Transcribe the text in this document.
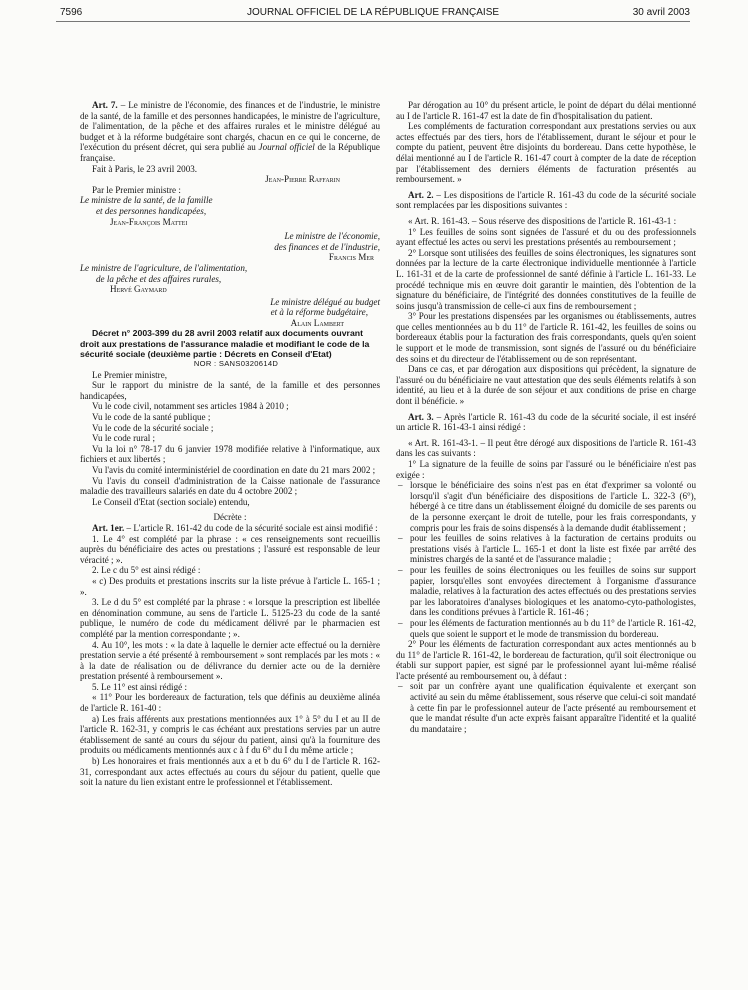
7596	JOURNAL OFFICIEL DE LA RÉPUBLIQUE FRANÇAISE	30 avril 2003

Art. 7. – Le ministre de l'économie, des finances et de l'industrie, le ministre de la santé, de la famille et des personnes handicapées, le ministre de l'agriculture, de l'alimentation, de la pêche et des affaires rurales et le ministre délégué au budget et à la réforme budgétaire sont chargés, chacun en ce qui le concerne, de l'exécution du présent décret, qui sera publié au Journal officiel de la République française.

Fait à Paris, le 23 avril 2003.

Jean-Pierre Raffarin

Par le Premier ministre :

Le ministre de la santé, de la famille

et des personnes handicapées,

Jean-François Mattei

Le ministre de l'économie,

des finances et de l'industrie,

Francis Mer

Le ministre de l'agriculture, de l'alimentation,

de la pêche et des affaires rurales,

Hervé Gaymard

Le ministre délégué au budget

et à la réforme budgétaire,

Alain Lambert

Décret n° 2003-399 du 28 avril 2003 relatif aux documents ouvrant droit aux prestations de l'assurance maladie et modifiant le code de la sécurité sociale (deuxième partie : Décrets en Conseil d'Etat)

NOR : SANS0320614D

Le Premier ministre,

Sur le rapport du ministre de la santé, de la famille et des personnes handicapées,

Vu le code civil, notamment ses articles 1984 à 2010 ;

Vu le code de la santé publique ;

Vu le code de la sécurité sociale ;

Vu le code rural ;

Vu la loi n° 78-17 du 6 janvier 1978 modifiée relative à l'informatique, aux fichiers et aux libertés ;

Vu l'avis du comité interministériel de coordination en date du 21 mars 2002 ;

Vu l'avis du conseil d'administration de la Caisse nationale de l'assurance maladie des travailleurs salariés en date du 4 octobre 2002 ;

Le Conseil d'Etat (section sociale) entendu,

Décrète :

Art. 1er. – L'article R. 161-42 du code de la sécurité sociale est ainsi modifié :

1. Le 4° est complété par la phrase : « ces renseignements sont recueillis auprès du bénéficiaire des actes ou prestations ; l'assuré est responsable de leur véracité ; ».

2. Le c du 5° est ainsi rédigé :

« c) Des produits et prestations inscrits sur la liste prévue à l'article L. 165-1 ; ».

3. Le d du 5° est complété par la phrase : « lorsque la prescription est libellée en dénomination commune, au sens de l'article L. 5125-23 du code de la santé publique, le numéro de code du médicament délivré par le pharmacien est complété par la mention correspondante ; ».

4. Au 10°, les mots : « la date à laquelle le dernier acte effectué ou la dernière prestation servie a été présenté à remboursement » sont remplacés par les mots : « à la date de réalisation ou de délivrance du dernier acte ou de la dernière prestation présenté à remboursement ».

5. Le 11° est ainsi rédigé :

« 11° Pour les bordereaux de facturation, tels que définis au deuxième alinéa de l'article R. 161-40 :

a) Les frais afférents aux prestations mentionnées aux 1° à 5° du I et au II de l'article R. 162-31, y compris le cas échéant aux prestations servies par un autre établissement de santé au cours du séjour du patient, ainsi qu'à la fourniture des produits ou médicaments mentionnés aux c à f du 6° du I du même article ;

b) Les honoraires et frais mentionnés aux a et b du 6° du I de l'article R. 162-31, correspondant aux actes effectués au cours du séjour du patient, quelle que soit la nature du lien existant entre le professionnel et l'établissement.

Par dérogation au 10° du présent article, le point de départ du délai mentionné au I de l'article R. 161-47 est la date de fin d'hospitalisation du patient.

Les compléments de facturation correspondant aux prestations servies ou aux actes effectués par des tiers, hors de l'établissement, durant le séjour et pour le compte du patient, peuvent être disjoints du bordereau. Dans cette hypothèse, le délai mentionné au I de l'article R. 161-47 court à compter de la date de réception par l'établissement des derniers éléments de facturation présentés au remboursement. »

Art. 2. – Les dispositions de l'article R. 161-43 du code de la sécurité sociale sont remplacées par les dispositions suivantes :

« Art. R. 161-43. – Sous réserve des dispositions de l'article R. 161-43-1 :

1° Les feuilles de soins sont signées de l'assuré et du ou des professionnels ayant effectué les actes ou servi les prestations présentés au remboursement ;

2° Lorsque sont utilisées des feuilles de soins électroniques, les signatures sont données par la lecture de la carte électronique individuelle mentionnée à l'article L. 161-31 et de la carte de professionnel de santé définie à l'article L. 161-33. Le procédé technique mis en œuvre doit garantir le maintien, dès l'obtention de la signature du bénéficiaire, de l'intégrité des données constitutives de la feuille de soins jusqu'à transmission de celle-ci aux fins de remboursement ;

3° Pour les prestations dispensées par les organismes ou établissements, autres que celles mentionnées au b du 11° de l'article R. 161-42, les feuilles de soins ou bordereaux établis pour la facturation des frais correspondants, quels qu'en soient le support et le mode de transmission, sont signés de l'assuré ou du bénéficiaire des soins et du directeur de l'établissement ou de son représentant.

Dans ce cas, et par dérogation aux dispositions qui précèdent, la signature de l'assuré ou du bénéficiaire ne vaut attestation que des seuls éléments relatifs à son identité, au lieu et à la durée de son séjour et aux conditions de prise en charge dont il bénéficie. »

Art. 3. – Après l'article R. 161-43 du code de la sécurité sociale, il est inséré un article R. 161-43-1 ainsi rédigé :

« Art. R. 161-43-1. – Il peut être dérogé aux dispositions de l'article R. 161-43 dans les cas suivants :

1° La signature de la feuille de soins par l'assuré ou le bénéficiaire n'est pas exigée :

– lorsque le bénéficiaire des soins n'est pas en état d'exprimer sa volonté ou lorsqu'il s'agit d'un bénéficiaire des dispositions de l'article L. 322-3 (6°), hébergé à ce titre dans un établissement éloigné du domicile de ses parents ou de la personne exerçant le droit de tutelle, pour les frais correspondants, y compris pour les frais de soins dispensés à la demande dudit établissement ;
– pour les feuilles de soins relatives à la facturation de certains produits ou prestations visés à l'article L. 165-1 et dont la liste est fixée par arrêté des ministres chargés de la santé et de l'assurance maladie ;
– pour les feuilles de soins électroniques ou les feuilles de soins sur support papier, lorsqu'elles sont envoyées directement à l'organisme d'assurance maladie, relatives à la facturation des actes effectués ou des prestations servies par les laboratoires d'analyses biologiques et les anatomo-cyto-pathologistes, dans les conditions prévues à l'article R. 161-46 ;
– pour les éléments de facturation mentionnés au b du 11° de l'article R. 161-42, quels que soient le support et le mode de transmission du bordereau.

2° Pour les éléments de facturation correspondant aux actes mentionnés au b du 11° de l'article R. 161-42, le bordereau de facturation, qu'il soit électronique ou établi sur support papier, est signé par le professionnel ayant lui-même réalisé l'acte présenté au remboursement ou, à défaut :

– soit par un confrère ayant une qualification équivalente et exerçant son activité au sein du même établissement, sous réserve que celui-ci soit mandaté à cette fin par le professionnel auteur de l'acte présenté au remboursement et que le mandat résulte d'un acte exprès faisant apparaître l'identité et la qualité du mandataire ;
